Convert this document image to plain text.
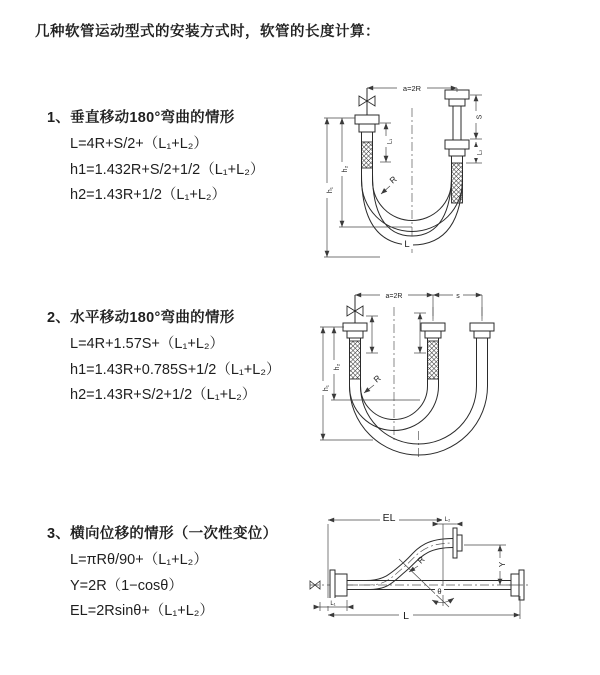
几种软管运动型式的安装方式时，软管的长度计算：
1、垂直移动180°弯曲的情形
L=4R+S/2+（L₁+L₂）
h1=1.432R+S/2+1/2（L₁+L₂）
h2=1.43R+1/2（L₁+L₂）
2、水平移动180°弯曲的情形
L=4R+1.57S+（L₁+L₂）
h1=1.43R+0.785S+1/2（L₁+L₂）
h2=1.43R+S/2+1/2（L₁+L₂）
3、横向位移的情形（一次性变位）
L=πRθ/90+（L₁+L₂）
Y=2R（1−cosθ）
EL=2Rsinθ+（L₁+L₂）
a=2R
S
L₂
L₁
h₁
h₂
R
L
a=2R	s
h₁
h₂
R
EL	L₂
Y
L
L₁
θ
R
